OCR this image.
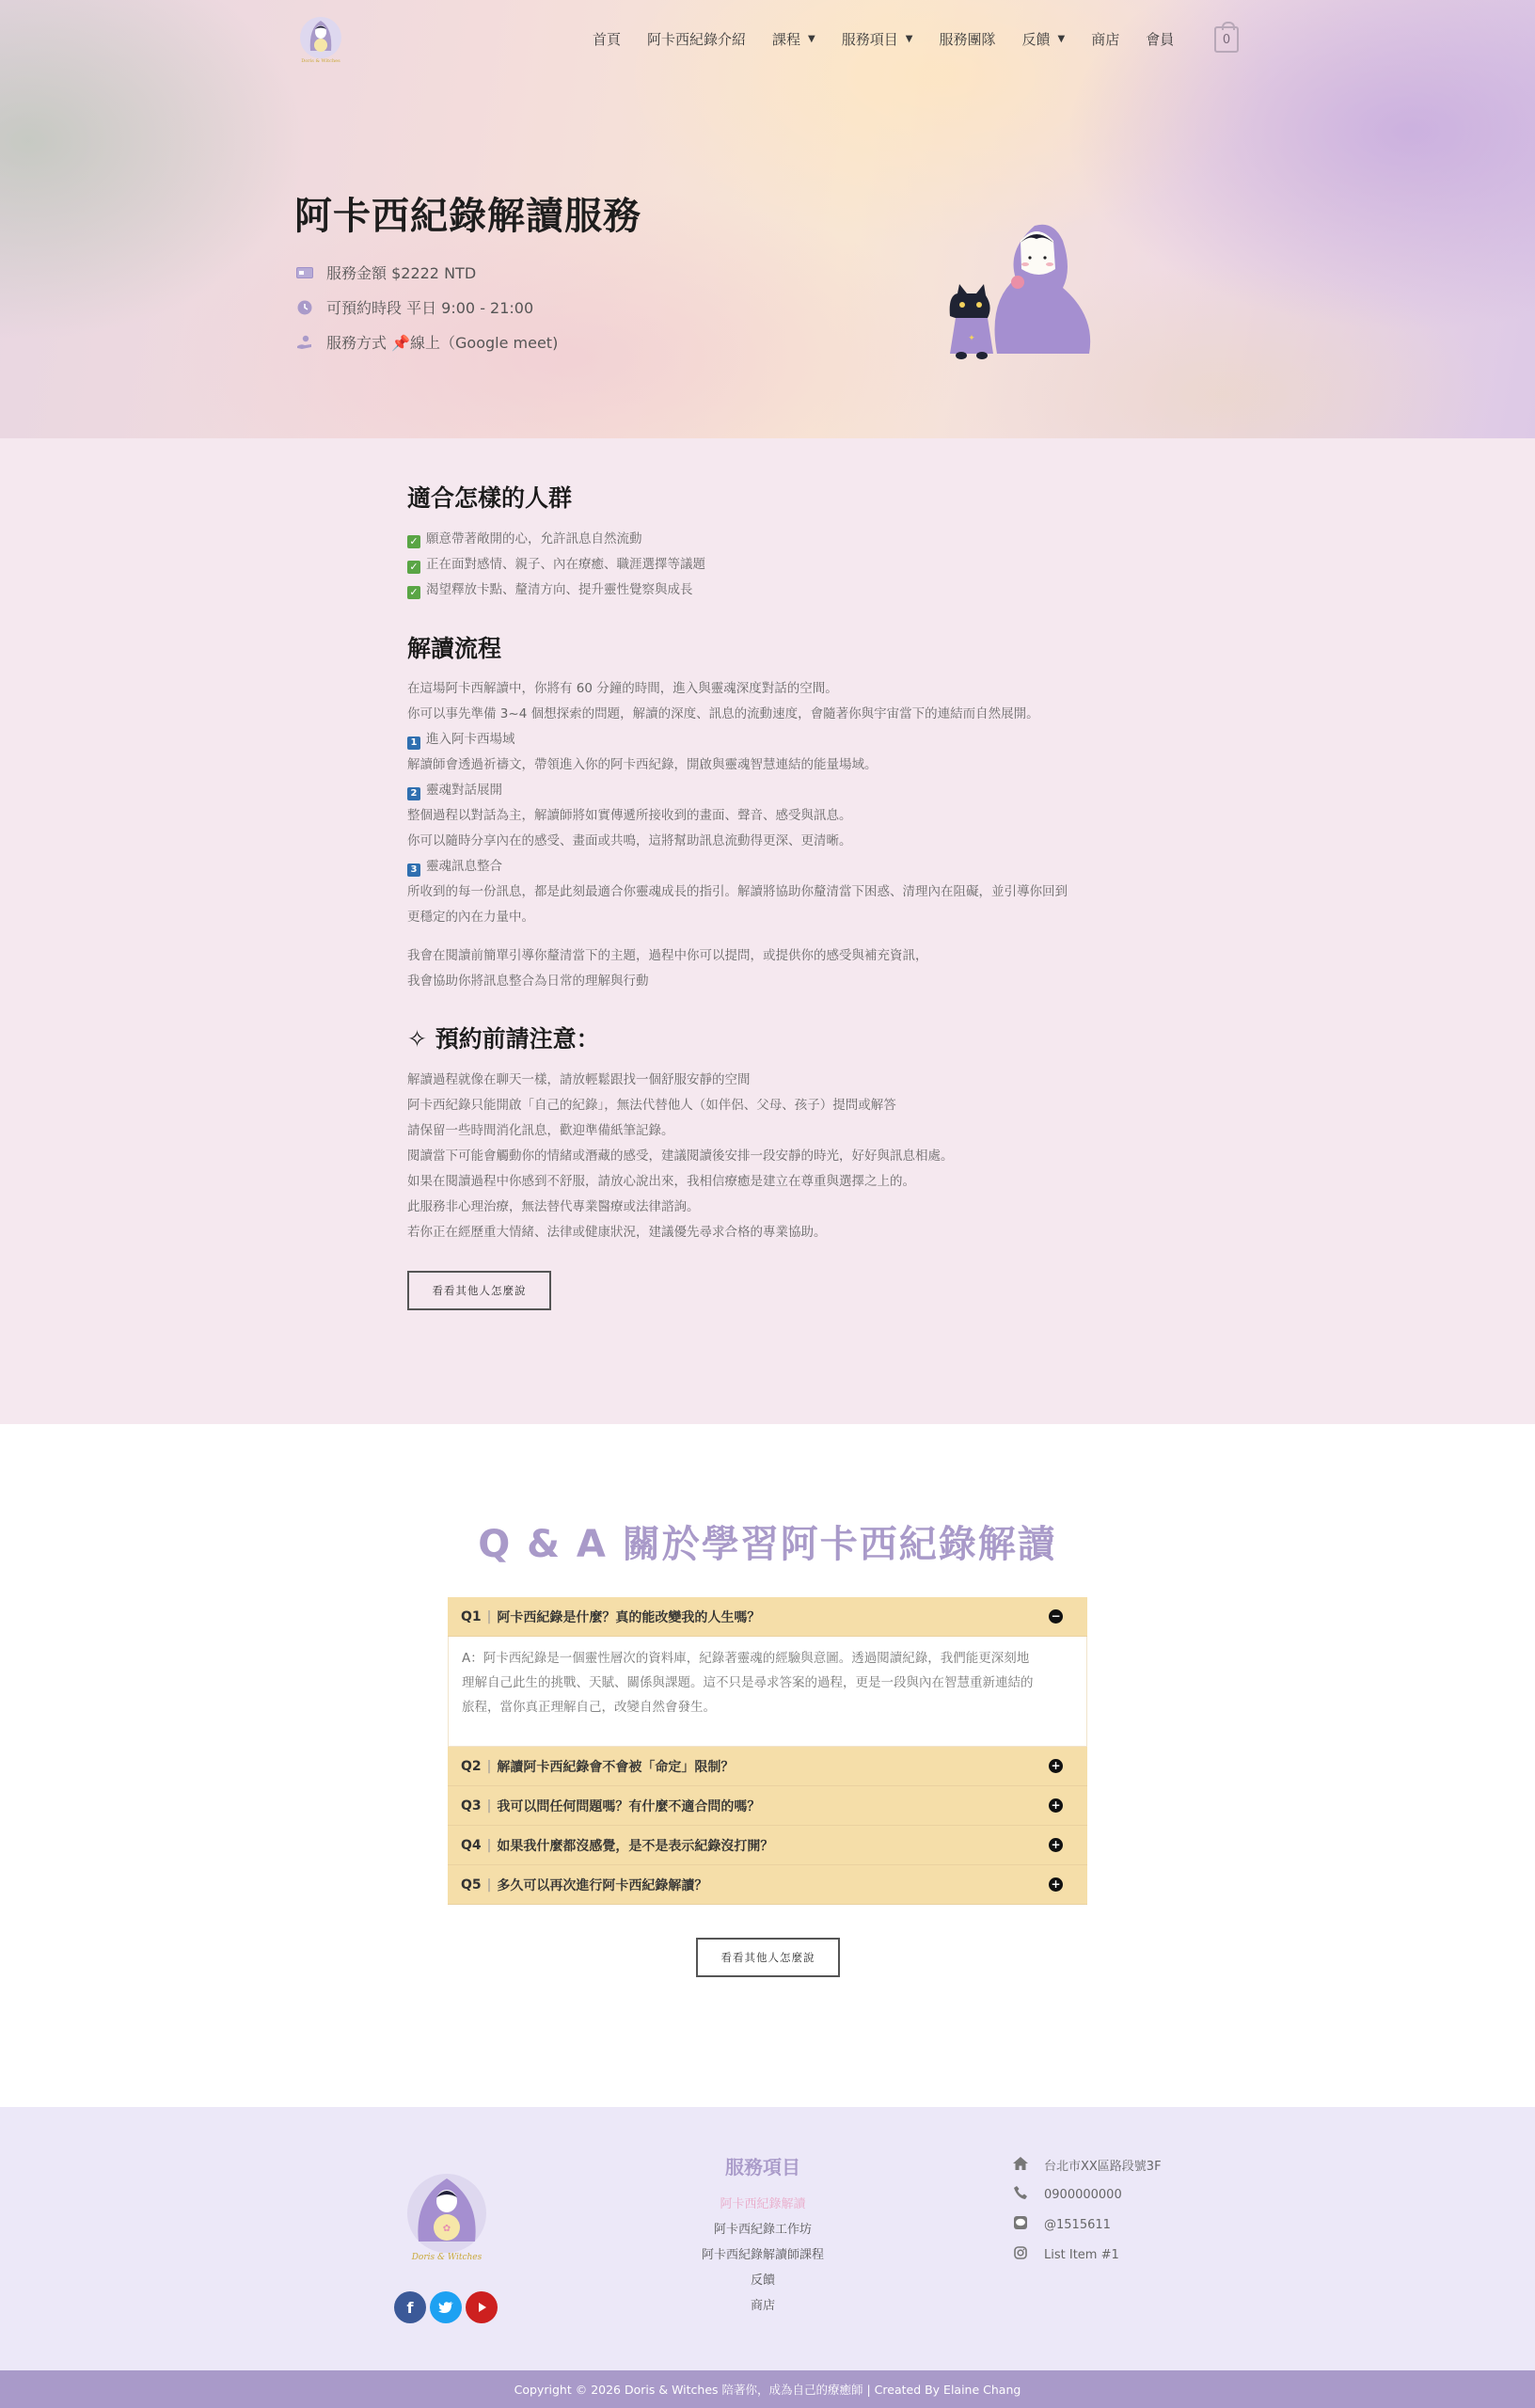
Doris & Witches
首頁 阿卡西紀錄介紹 課程 ▼ 服務項目 ▼ 服務團隊 反饋 ▼ 商店 會員	0
阿卡西紀錄解讀服務
服務金額 $2222 NTD
可預約時段 平日 9:00 - 21:00
服務方式 📌線上（Google meet)	✦
適合怎樣的人群
✓ 願意帶著敞開的心，允許訊息自然流動
✓ 正在面對感情、親子、內在療癒、職涯選擇等議題
✓ 渴望釋放卡點、釐清方向、提升靈性覺察與成長
解讀流程
在這場阿卡西解讀中，你將有 60 分鐘的時間，進入與靈魂深度對話的空間。
你可以事先準備 3~4 個想探索的問題，解讀的深度、訊息的流動速度，會隨著你與宇宙當下的連結而自然展開。
1 進入阿卡西場域
解讀師會透過祈禱文，帶領進入你的阿卡西紀錄，開啟與靈魂智慧連結的能量場域。
2 靈魂對話展開
整個過程以對話為主，解讀師將如實傳遞所接收到的畫面、聲音、感受與訊息。
你可以隨時分享內在的感受、畫面或共鳴，這將幫助訊息流動得更深、更清晰。
3 靈魂訊息整合
所收到的每一份訊息，都是此刻最適合你靈魂成長的指引。解讀將協助你釐清當下困惑、清理內在阻礙，並引導你回到
更穩定的內在力量中。
我會在閱讀前簡單引導你釐清當下的主題，過程中你可以提問，或提供你的感受與補充資訊，
我會協助你將訊息整合為日常的理解與行動
✧ 預約前請注意：
解讀過程就像在聊天一樣，請放輕鬆跟找一個舒服安靜的空間
阿卡西紀錄只能開啟「自己的紀錄」，無法代替他人（如伴侶、父母、孩子）提問或解答
請保留一些時間消化訊息，歡迎準備紙筆記錄。
閱讀當下可能會觸動你的情緒或潛藏的感受，建議閱讀後安排一段安靜的時光，好好與訊息相處。
如果在閱讀過程中你感到不舒服，請放心說出來，我相信療癒是建立在尊重與選擇之上的。
此服務非心理治療，無法替代專業醫療或法律諮詢。
若你正在經歷重大情緒、法律或健康狀況，建議優先尋求合格的專業協助。
看看其他人怎麼說
Q & A 關於學習阿卡西紀錄解讀
Q1 | 阿卡西紀錄是什麼？真的能改變我的人生嗎？	−
A：阿卡西紀錄是一個靈性層次的資料庫，紀錄著靈魂的經驗與意圖。透過閱讀紀錄，我們能更深刻地
理解自己此生的挑戰、天賦、關係與課題。這不只是尋求答案的過程，更是一段與內在智慧重新連結的
旅程，當你真正理解自己，改變自然會發生。
Q2 | 解讀阿卡西紀錄會不會被「命定」限制？	+
Q3 | 我可以問任何問題嗎？有什麼不適合問的嗎？	+
Q4 | 如果我什麼都沒感覺，是不是表示紀錄沒打開？	+
Q5 | 多久可以再次進行阿卡西紀錄解讀？	+
看看其他人怎麼說
✿
Doris & Witches
f
服務項目
阿卡西紀錄解讀
阿卡西紀錄工作坊
阿卡西紀錄解讀師課程
反饋
商店
台北市XX區路段號3F
0900000000
@1515611
List Item #1
Copyright © 2026 Doris & Witches 陪著你，成為自己的療癒師 | Created By Elaine Chang
